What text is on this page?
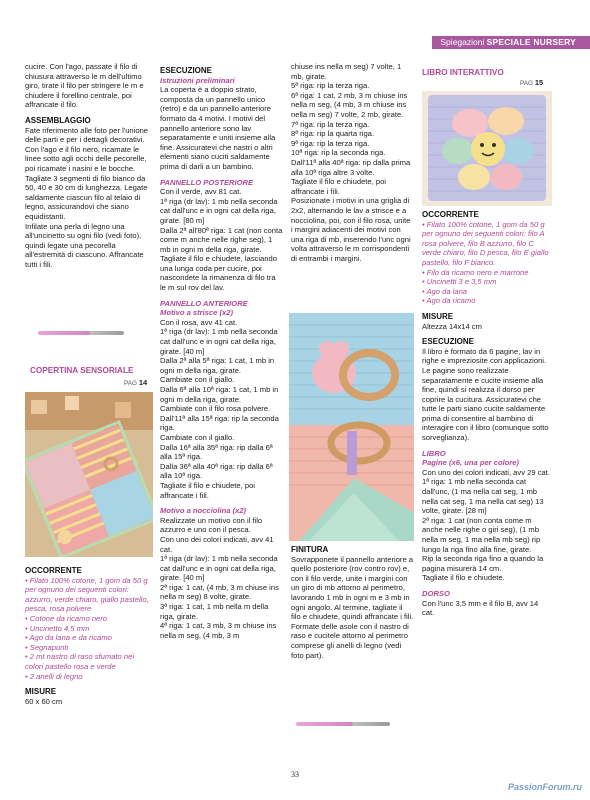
Spiegazioni SPECIALE NURSERY
cucire. Con l'ago, passate il filo di chiusura attraverso le m dell'ultimo giro, tirate il filo per stringere le m e chiudere il forellino centrale, poi affrancate il filo.
ASSEMBLAGGIO
Fate riferimento alle foto per l'unione delle parti e per i dettagli decorativi.
Con l'ago e il filo nero, ricamate le linee sotto agli occhi delle pecorelle, poi ricamate i nasini e le bocche.
Tagliate 3 segmenti di filo bianco da 50, 40 e 30 cm di lunghezza. Legate saldamente ciascun filo al telaio di legno, assicurandovi che siano equidistanti.
Infilate una perla di legno una all'uncinetto su ogni filo (vedi foto), quindi legate una pecorella all'estremità di ciascuno. Affrancate tutti i fili.
COPERTINA SENSORIALE
PAG 14
OCCORRENTE
• Filato 100% cotone, 1 gom da 50 g per ognuno dei seguenti colori: azzurro, verde chiaro, giallo pastello, pesca, rosa polvere
• Cotone da ricamo nero
• Uncinetto 4,5 mm
• Ago da lana e da ricamo
• Segnapunti
• 2 mt nastro di raso sfumato nei colori pastello rosa e verde
• 2 anelli di legno
MISURE
60 x 60 cm
ESECUZIONE
Istruzioni preliminari
La coperta è a doppio strato, composta da un pannello unico (retro) e da un pannello anteriore formato da 4 motivi. I motivi del pannello anteriore sono lav separatamente e uniti insieme alla fine. Assicuratevi che nastri o altri elementi siano cuciti saldamente prima di darli a un bambino.
PANNELLO POSTERIORE
Con il verde, avv 81 cat.
1ª riga (dr lav): 1 mb nella seconda cat dall'unc e in ogni cat della riga, girate. [80 m]
Dalla 2ª all'80ª riga: 1 cat (non conta come m anche nelle righe seg), 1 mb in ogni m della riga, girate.
Tagliate il filo e chiudete, lasciando una lunga coda per cucire, poi nascondete la rimanenza di filo tra le m sul rov del lav.
PANNELLO ANTERIORE
Motivo a strisce (x2)
Con il rosa, avv 41 cat.
1ª riga (dr lav): 1 mb nella seconda cat dall'unc e in ogni cat della riga, girate. [40 m]
Dalla 2ª alla 5ª riga: 1 cat, 1 mb in ogni m della riga, girate.
Cambiate con il giallo.
Dalla 6ª alla 10ª riga: 1 cat, 1 mb in ogni m della riga, girate.
Cambiate con il filo rosa polvere.
Dall'11ª alla 15ª riga: rip la seconda riga.
Cambiate con il giallo.
Dalla 16ª alla 35ª riga: rip dalla 6ª alla 15ª riga.
Dalla 36ª alla 40ª riga: rip dalla 6ª alla 10ª riga.
Tagliate il filo e chiudete, poi affrancate i fili.
Motivo a nocciolina (x2)
Realizzate un motivo con il filo azzurro e uno con il pesca.
Con uno dei colori indicati, avv 41 cat.
1ª riga (dr lav): 1 mb nella seconda cat dall'unc e in ogni cat della riga, girate. [40 m]
2ª riga: 1 cat, (4 mb, 3 m chiuse ins nella m seg) 8 volte, girate.
3ª riga: 1 cat, 1 mb nella m della riga, girate.
4ª riga: 1 cat, 3 mb, 3 m chiuse ins nella m seg, (4 mb, 3 m
chiuse ins nella m seg) 7 volte, 1 mb, girate.
5ª riga: rip la terza riga.
6ª riga: 1 cat, 2 mb, 3 m chiuse ins nella m seg, (4 mb, 3 m chiuse ins nella m seg) 7 volte, 2 mb, girate.
7ª riga: rip la terza riga.
8ª riga: rip la quarta riga.
9ª riga: rip la terza riga.
10ª riga: rip la seconda riga.
Dall'11ª alla 40ª riga: rip dalla prima alla 10ª riga altre 3 volte.
Tagliate il filo e chiudete, poi affrancate i fili.
Posizionate i motivi in una griglia di 2x2, alternando le lav a strisce e a nocciolina, poi, con il filo rosa, unite i margini adiacenti dei motivi con una riga di mb, inserendo l'unc ogni volta attraverso le m corrispondenti di entrambi i margini.
FINITURA
Sovrapponete il pannello anteriore a quello posteriore (rov contro rov) e, con il filo verde, unite i margini con un giro di mb attorno al perimetro, lavorando 1 mb in ogni m e 3 mb in ogni angolo. Al termine, tagliate il filo e chiudete, quindi affrancate i fili. Formate delle asole con il nastro di raso e cucitele attorno al perimetro comprese gli anelli di legno (vedi foto part).
LIBRO INTERATTIVO
PAG 15
OCCORRENTE
• Filato 100% cotone, 1 gom da 50 g per ognuno dei seguenti colori: filo A rosa polvere, filo B azzurro, filo C verde chiaro, filo D pesca, filo E giallo pastello, filo F bianco.
• Filo da ricamo nero e marrone
• Uncinetti 3 e 3,5 mm
• Ago da lana
• Ago da ricamo
MISURE
Altezza 14x14 cm
ESECUZIONE
Il libro è formato da 6 pagine, lav in righe e impreziosite con applicazioni. Le pagine sono realizzate separatamente e cucite insieme alla fine, quindi si realizza il dorso per coprire la cucitura. Assicuratevi che tutte le parti siano cucite saldamente prima di consentire al bambino di interagire con il libro (comunque sotto sorveglianza).
LIBRO
Pagine (x6, una per colore)
Con uno dei colori indicati, avv 29 cat.
1ª riga: 1 mb nella seconda cat dall'unc, (1 ma nella cat seg, 1 mb nella cat seg, 1 ma nella cat seg) 13 volte, girate. [28 m]
2ª riga: 1 cat (non conta come m anche nelle righe o giri seg), (1 mb nella m seg, 1 ma nella mb seg) rip lungo la riga fino alla fine, girate.
Rip la seconda riga fino a quando la pagina misurerà 14 cm.
Tagliate il filo e chiudete.
DORSO
Con l'unc 3,5 mm e il filo B, avv 14 cat.
33
PassionForum.ru
